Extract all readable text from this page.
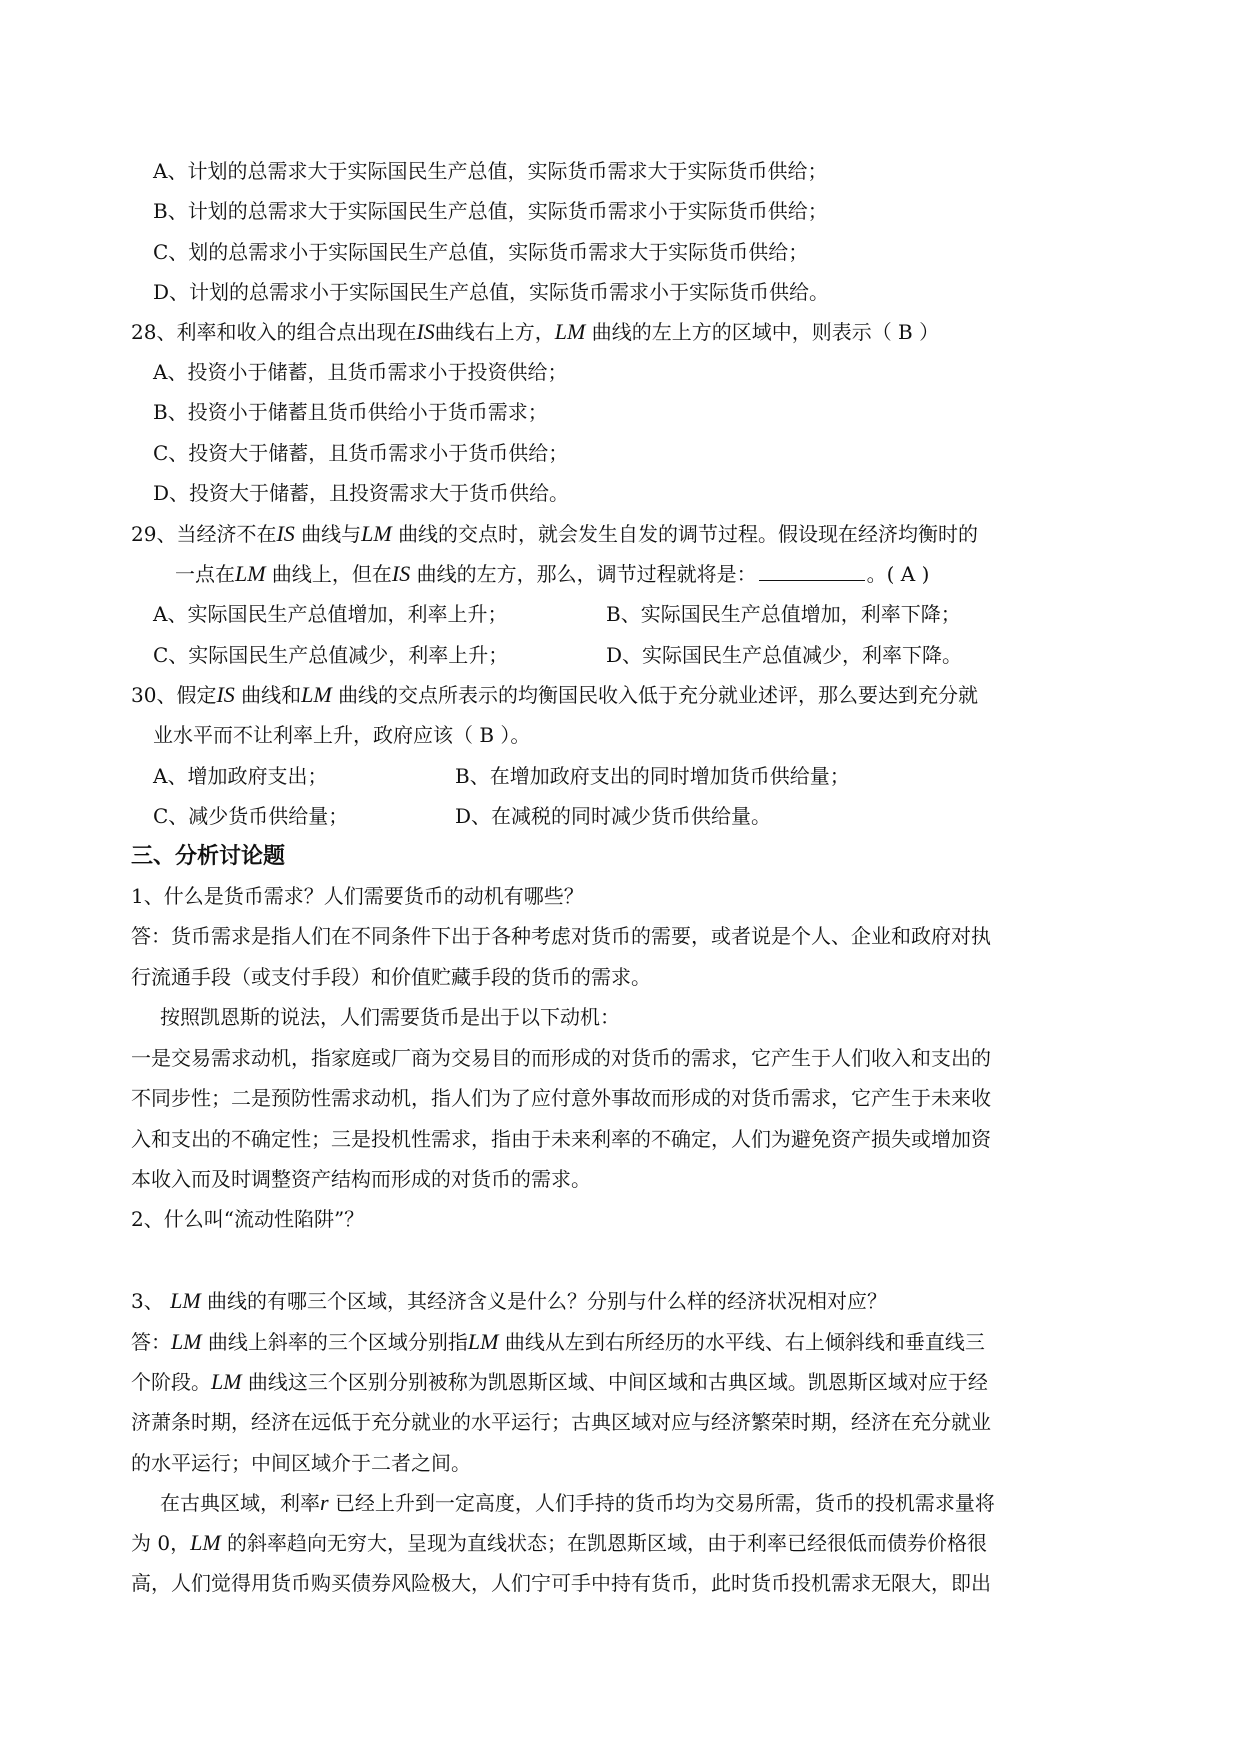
A、计划的总需求大于实际国民生产总值，实际货币需求大于实际货币供给；
B、计划的总需求大于实际国民生产总值，实际货币需求小于实际货币供给；
C、划的总需求小于实际国民生产总值，实际货币需求大于实际货币供给；
D、计划的总需求小于实际国民生产总值，实际货币需求小于实际货币供给。
28、利率和收入的组合点出现在IS曲线右上方，LM 曲线的左上方的区域中，则表示（ B ）
A、投资小于储蓄，且货币需求小于投资供给；
B、投资小于储蓄且货币供给小于货币需求；
C、投资大于储蓄，且货币需求小于货币供给；
D、投资大于储蓄，且投资需求大于货币供给。
29、当经济不在IS 曲线与LM 曲线的交点时，就会发生自发的调节过程。假设现在经济均衡时的
一点在LM 曲线上，但在IS 曲线的左方，那么，调节过程就将是：	。( A )
A、实际国民生产总值增加，利率上升；	B、实际国民生产总值增加，利率下降；
C、实际国民生产总值减少，利率上升；	D、实际国民生产总值减少，利率下降。
30、假定IS 曲线和LM 曲线的交点所表示的均衡国民收入低于充分就业述评，那么要达到充分就
业水平而不让利率上升，政府应该（ B ）。
A、增加政府支出；	B、在增加政府支出的同时增加货币供给量；
C、减少货币供给量；	D、在减税的同时减少货币供给量。
三、分析讨论题
1、什么是货币需求？人们需要货币的动机有哪些？
答：货币需求是指人们在不同条件下出于各种考虑对货币的需要，或者说是个人、企业和政府对执
行流通手段（或支付手段）和价值贮藏手段的货币的需求。
按照凯恩斯的说法，人们需要货币是出于以下动机：
一是交易需求动机，指家庭或厂商为交易目的而形成的对货币的需求，它产生于人们收入和支出的
不同步性；二是预防性需求动机，指人们为了应付意外事故而形成的对货币需求，它产生于未来收
入和支出的不确定性；三是投机性需求，指由于未来利率的不确定，人们为避免资产损失或增加资
本收入而及时调整资产结构而形成的对货币的需求。
2、什么叫“流动性陷阱”？
3、 LM 曲线的有哪三个区域，其经济含义是什么？分别与什么样的经济状况相对应？
答：LM 曲线上斜率的三个区域分别指LM 曲线从左到右所经历的水平线、右上倾斜线和垂直线三
个阶段。LM 曲线这三个区别分别被称为凯恩斯区域、中间区域和古典区域。凯恩斯区域对应于经
济萧条时期，经济在远低于充分就业的水平运行；古典区域对应与经济繁荣时期，经济在充分就业
的水平运行；中间区域介于二者之间。
在古典区域，利率r 已经上升到一定高度，人们手持的货币均为交易所需，货币的投机需求量将
为 0，LM 的斜率趋向无穷大，呈现为直线状态；在凯恩斯区域，由于利率已经很低而债券价格很
高，人们觉得用货币购买债券风险极大，人们宁可手中持有货币，此时货币投机需求无限大，即出
